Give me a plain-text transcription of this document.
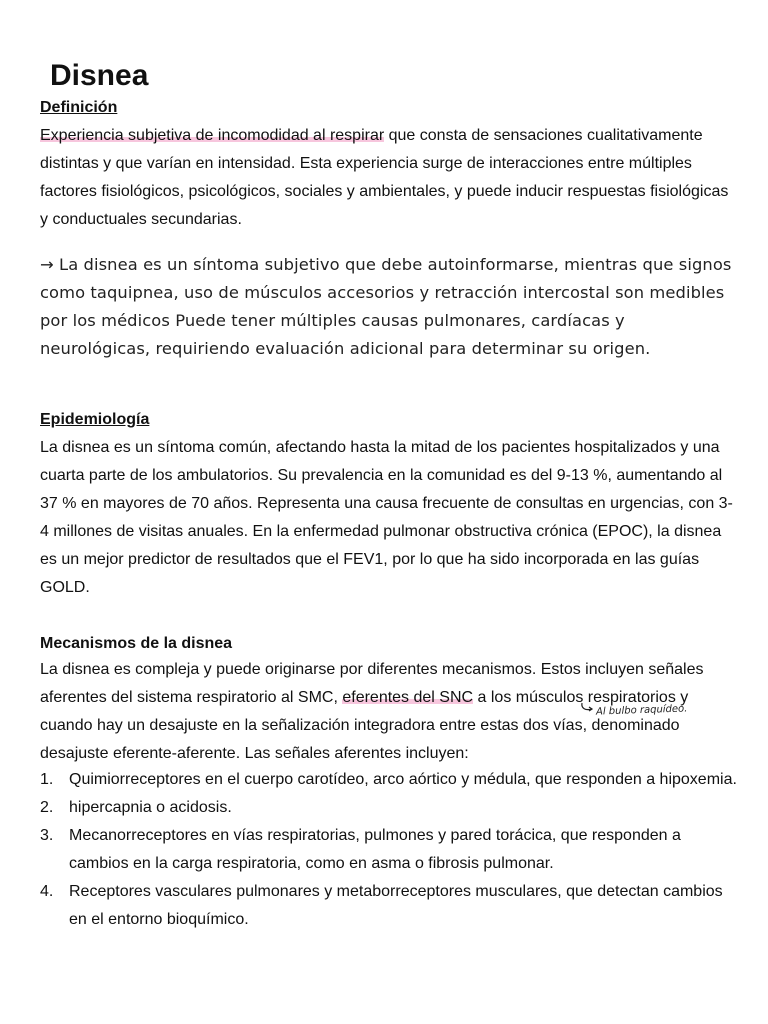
Disnea
Definición

Experiencia subjetiva de incomodidad al respirar que consta de sensaciones cualitativamente distintas y que varían en intensidad. Esta experiencia surge de interacciones entre múltiples factores fisiológicos, psicológicos, sociales y ambientales, y puede inducir respuestas fisiológicas y conductuales secundarias.

→ La disnea es un síntoma subjetivo que debe autoinformarse, mientras que signos como taquipnea, uso de músculos accesorios y retracción intercostal son medibles por los médicos Puede tener múltiples causas pulmonares, cardíacas y neurológicas, requiriendo evaluación adicional para determinar su origen.

Epidemiología

La disnea es un síntoma común, afectando hasta la mitad de los pacientes hospitalizados y una cuarta parte de los ambulatorios. Su prevalencia en la comunidad es del 9-13 %, aumentando al 37 % en mayores de 70 años. Representa una causa frecuente de consultas en urgencias, con 3-4 millones de visitas anuales. En la enfermedad pulmonar obstructiva crónica (EPOC), la disnea es un mejor predictor de resultados que el FEV1, por lo que ha sido incorporada en las guías GOLD.

Mecanismos de la disnea

La disnea es compleja y puede originarse por diferentes mecanismos. Estos incluyen señales aferentes del sistema respiratorio al SMC, eferentes del SNC a los músculos respiratorios y cuando hay un desajuste en la señalización integradora entre estas dos vías, denominado desajuste eferente-aferente. Las señales aferentes incluyen:

Al bulbo raquídeo.
1. Quimiorreceptores en el cuerpo carotídeo, arco aórtico y médula, que responden a hipoxemia.
2. hipercapnia o acidosis.
3. Mecanorreceptores en vías respiratorias, pulmones y pared torácica, que responden a cambios en la carga respiratoria, como en asma o fibrosis pulmonar.
4. Receptores vasculares pulmonares y metaborreceptores musculares, que detectan cambios en el entorno bioquímico.
